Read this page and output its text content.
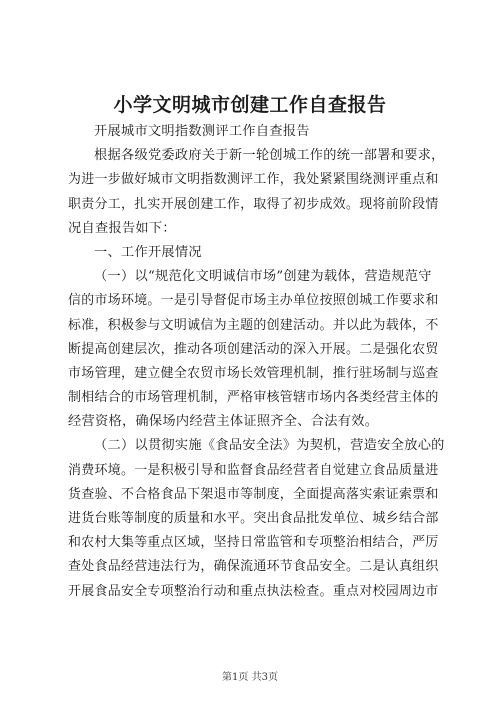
小学文明城市创建工作自查报告
开展城市文明指数测评工作自查报告
根据各级党委政府关于新一轮创城工作的统一部署和要求，
为进一步做好城市文明指数测评工作，我处紧紧围绕测评重点和
职责分工，扎实开展创建工作，取得了初步成效。现将前阶段情
况自查报告如下：
一、工作开展情况
（一）以“规范化文明诚信市场”创建为载体，营造规范守
信的市场环境。一是引导督促市场主办单位按照创城工作要求和
标准，积极参与文明诚信为主题的创建活动。并以此为载体，不
断提高创建层次，推动各项创建活动的深入开展。二是强化农贸
市场管理，建立健全农贸市场长效管理机制，推行驻场制与巡查
制相结合的市场管理机制，严格审核管辖市场内各类经营主体的
经营资格，确保场内经营主体证照齐全、合法有效。
（二）以贯彻实施《食品安全法》为契机，营造安全放心的
消费环境。一是积极引导和监督食品经营者自觉建立食品质量进
货查验、不合格食品下架退市等制度，全面提高落实索证索票和
进货台账等制度的质量和水平。突出食品批发单位、城乡结合部
和农村大集等重点区域，坚持日常监管和专项整治相结合，严厉
查处食品经营违法行为，确保流通环节食品安全。二是认真组织
开展食品安全专项整治行动和重点执法检查。重点对校园周边市
第1页 共3页
